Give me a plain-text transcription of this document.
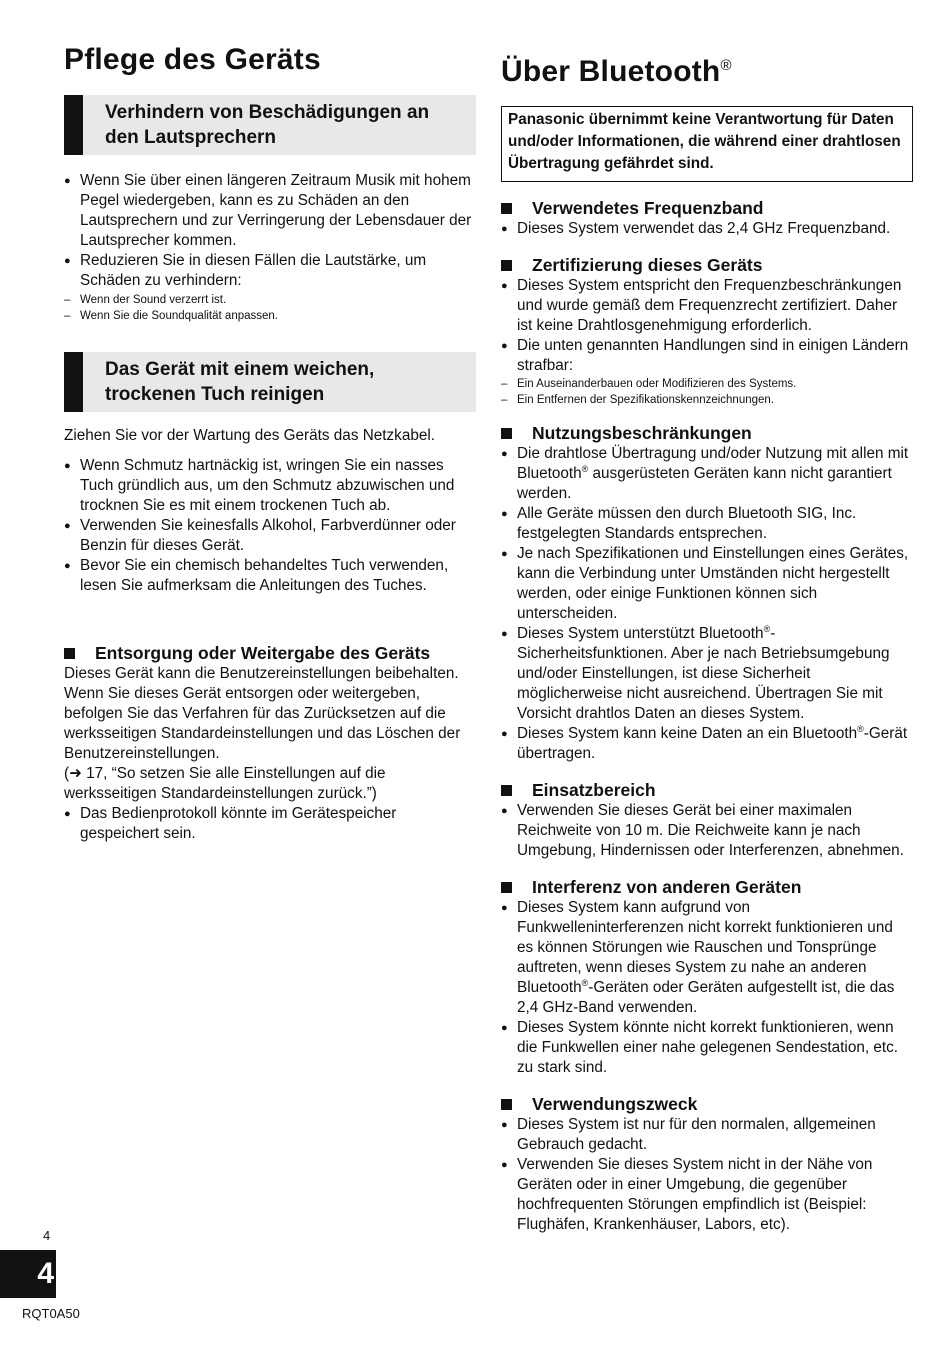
Pflege des Geräts
Verhindern von Beschädigungen an
den Lautsprechern
● Wenn Sie über einen längeren Zeitraum Musik mit hohem Pegel wiedergeben, kann es zu Schäden an den Lautsprechern und zur Verringerung der Lebensdauer der Lautsprecher kommen.
● Reduzieren Sie in diesen Fällen die Lautstärke, um Schäden zu verhindern:
– Wenn der Sound verzerrt ist.
– Wenn Sie die Soundqualität anpassen.
Das Gerät mit einem weichen,
trockenen Tuch reinigen

Ziehen Sie vor der Wartung des Geräts das Netzkabel.

● Wenn Schmutz hartnäckig ist, wringen Sie ein nasses Tuch gründlich aus, um den Schmutz abzuwischen und trocknen Sie es mit einem trockenen Tuch ab.
● Verwenden Sie keinesfalls Alkohol, Farbverdünner oder Benzin für dieses Gerät.
● Bevor Sie ein chemisch behandeltes Tuch verwenden, lesen Sie aufmerksam die Anleitungen des Tuches.
Entsorgung oder Weitergabe des Geräts

Dieses Gerät kann die Benutzereinstellungen beibehalten. Wenn Sie dieses Gerät entsorgen oder weitergeben, befolgen Sie das Verfahren für das Zurücksetzen auf die werksseitigen Standardeinstellungen und das Löschen der Benutzereinstellungen.

(➜ 17, “So setzen Sie alle Einstellungen auf die werksseitigen Standardeinstellungen zurück.”)

● Das Bedienprotokoll könnte im Gerätespeicher gespeichert sein.
Über Bluetooth®
Panasonic übernimmt keine Verantwortung für Daten und/oder Informationen, die während einer drahtlosen Übertragung gefährdet sind.
Verwendetes Frequenzband
● Dieses System verwendet das 2,4 GHz Frequenzband.
Zertifizierung dieses Geräts
● Dieses System entspricht den Frequenzbeschränkungen und wurde gemäß dem Frequenzrecht zertifiziert. Daher ist keine Drahtlosgenehmigung erforderlich.
● Die unten genannten Handlungen sind in einigen Ländern strafbar:
– Ein Auseinanderbauen oder Modifizieren des Systems.
– Ein Entfernen der Spezifikationskennzeichnungen.
Nutzungsbeschränkungen
● Die drahtlose Übertragung und/oder Nutzung mit allen mit Bluetooth® ausgerüsteten Geräten kann nicht garantiert werden.
● Alle Geräte müssen den durch Bluetooth SIG, Inc. festgelegten Standards entsprechen.
● Je nach Spezifikationen und Einstellungen eines Gerätes, kann die Verbindung unter Umständen nicht hergestellt werden, oder einige Funktionen können sich unterscheiden.
● Dieses System unterstützt Bluetooth®-Sicherheitsfunktionen. Aber je nach Betriebsumgebung und/oder Einstellungen, ist diese Sicherheit möglicherweise nicht ausreichend. Übertragen Sie mit Vorsicht drahtlos Daten an dieses System.
● Dieses System kann keine Daten an ein Bluetooth®-Gerät übertragen.
Einsatzbereich
● Verwenden Sie dieses Gerät bei einer maximalen Reichweite von 10 m. Die Reichweite kann je nach Umgebung, Hindernissen oder Interferenzen, abnehmen.
Interferenz von anderen Geräten
● Dieses System kann aufgrund von Funkwelleninterferenzen nicht korrekt funktionieren und es können Störungen wie Rauschen und Tonsprünge auftreten, wenn dieses System zu nahe an anderen Bluetooth®-Geräten oder Geräten aufgestellt ist, die das 2,4 GHz-Band verwenden.
● Dieses System könnte nicht korrekt funktionieren, wenn die Funkwellen einer nahe gelegenen Sendestation, etc. zu stark sind.
Verwendungszweck
● Dieses System ist nur für den normalen, allgemeinen Gebrauch gedacht.
● Verwenden Sie dieses System nicht in der Nähe von Geräten oder in einer Umgebung, die gegenüber hochfrequenten Störungen empfindlich ist (Beispiel: Flughäfen, Krankenhäuser, Labors, etc).
4
4
RQT0A50
